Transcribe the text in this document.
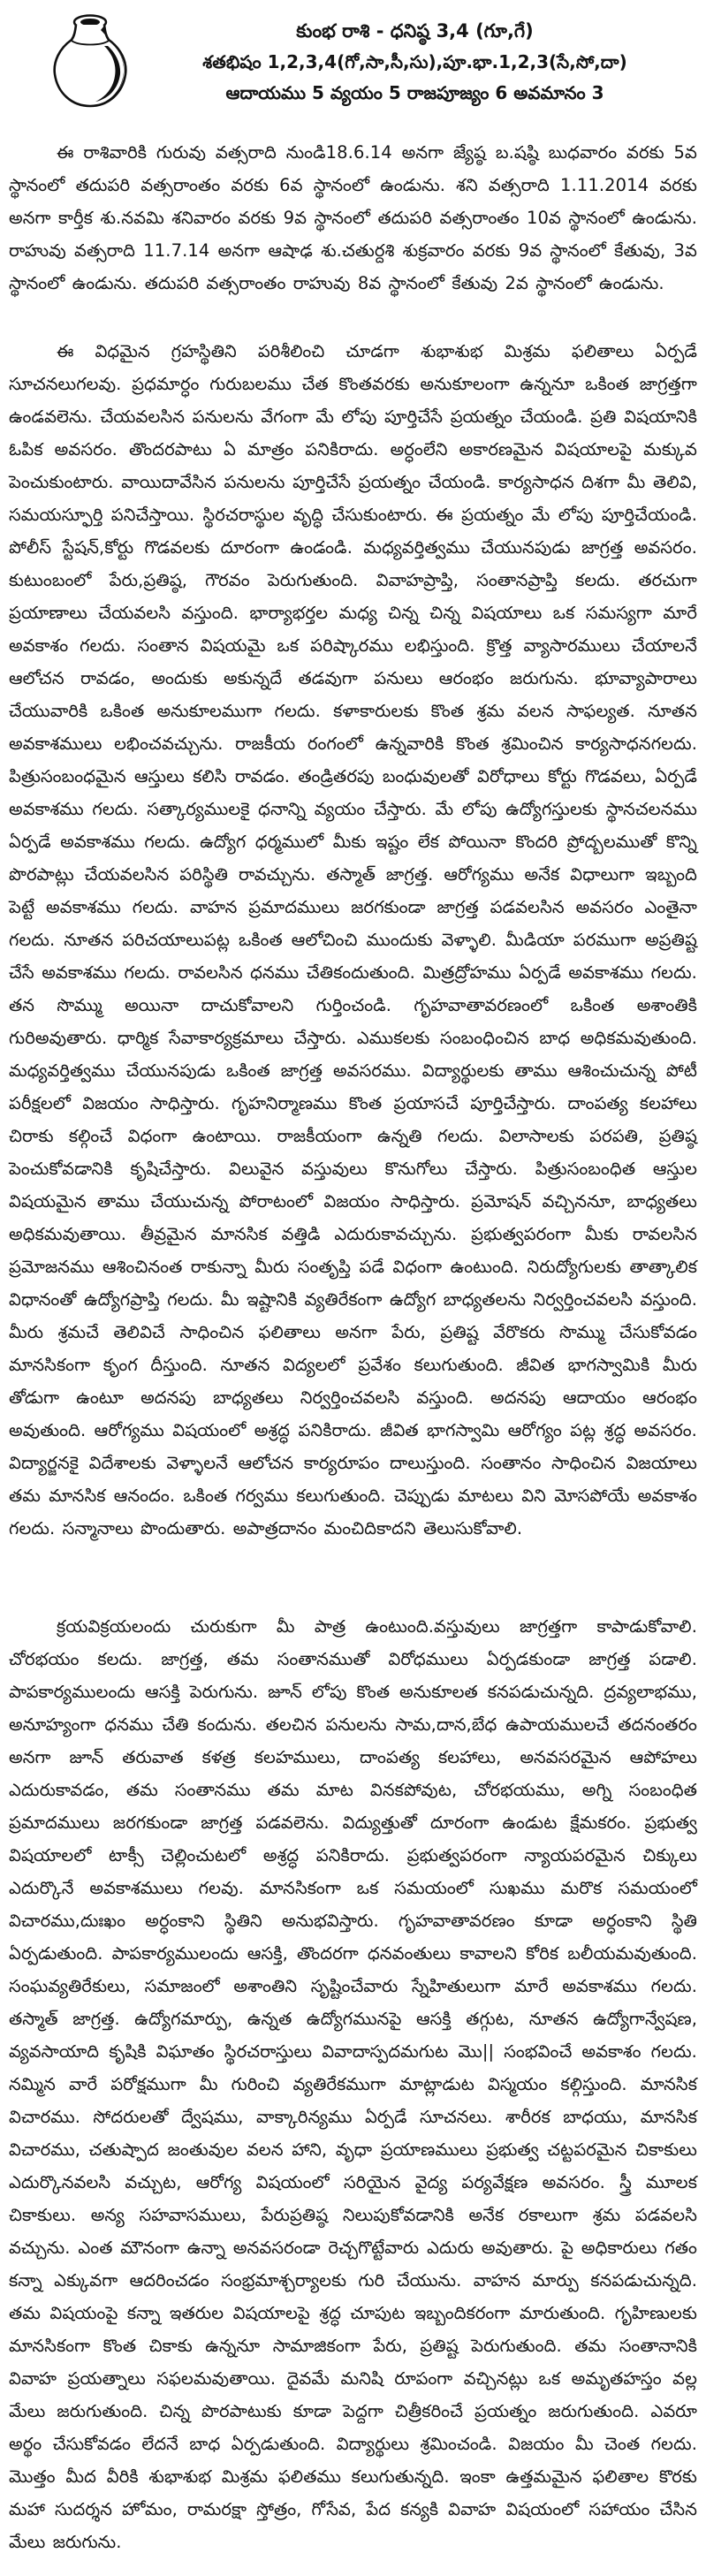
కుంభ రాశి - ధనిష్ఠ 3,4 (గూ,గే)
శతభిషం 1,2,3,4(గో,సా,సీ,సు),పూ.భా.1,2,3(సే,సో,దా)
ఆదాయము 5 వ్యయం 5 రాజపూజ్యం 6 అవమానం 3

ఈ రాశివారికి గురువు వత్సరాది నుండి18.6.14 అనగా జ్యేష్ఠ బ.షష్ఠి బుధవారం వరకు 5వ స్థానంలో తదుపరి వత్సరాంతం వరకు 6వ స్థానంలో ఉండును. శని వత్సరాది 1.11.2014 వరకు అనగా కార్తీక శు.నవమి శనివారం వరకు 9వ స్థానంలో తదుపరి వత్సరాంతం 10వ స్థానంలో ఉండును. రాహువు వత్సరాది 11.7.14 అనగా ఆషాఢ శు.చతుర్దశి శుక్రవారం వరకు 9వ స్థానంలో కేతువు, 3వ స్థానంలో ఉండును. తదుపరి వత్సరాంతం రాహువు 8వ స్థానంలో కేతువు 2వ స్థానంలో ఉండును.

ఈ విధమైన గ్రహస్థితిని పరిశీలించి చూడగా శుభాశుభ మిశ్రమ ఫలితాలు ఏర్పడే సూచనలుగలవు. ప్రధమార్ధం గురుబలము చేత కొంతవరకు అనుకూలంగా ఉన్ననూ ఒకింత జాగ్రత్తగా ఉండవలెను. చేయవలసిన పనులను వేగంగా మే లోపు పూర్తిచేసే ప్రయత్నం చేయండి. ప్రతి విషయానికి ఓపిక అవసరం. తొందరపాటు ఏ మాత్రం పనికిరాదు. అర్ధంలేని అకారణమైన విషయాలపై మక్కువ పెంచుకుంటారు. వాయిదావేసిన పనులను పూర్తిచేసే ప్రయత్నం చేయండి. కార్యసాధన దిశగా మీ తెలివి, సమయస్ఫూర్తి పనిచేస్తాయి. స్థిరచరాస్థుల వృద్ధి చేసుకుంటారు. ఈ ప్రయత్నం మే లోపు పూర్తిచేయండి. పోలీస్ స్టేషన్,కోర్టు గొడవలకు దూరంగా ఉండండి. మధ్యవర్తిత్వము చేయునపుడు జాగ్రత్త అవసరం. కుటుంబంలో పేరు,ప్రతిష్ఠ, గౌరవం పెరుగుతుంది. వివాహప్రాప్తి, సంతానప్రాప్తి కలదు. తరచుగా ప్రయాణాలు చేయవలసి వస్తుంది. భార్యాభర్తల మధ్య చిన్న చిన్న విషయాలు ఒక సమస్యగా మారే అవకాశం గలదు. సంతాన విషయమై ఒక పరిష్కారము లభిస్తుంది. క్రొత్త వ్యాసారములు చేయాలనే ఆలోచన రావడం, అందుకు అకున్నదే తడవుగా పనులు ఆరంభం జరుగును. భూవ్యాపారాలు చేయువారికి ఒకింత అనుకూలముగా గలదు. కళాకారులకు కొంత శ్రమ వలన సాఫల్యత. నూతన అవకాశములు లభించవచ్చును. రాజకీయ రంగంలో ఉన్నవారికి కొంత శ్రమించిన కార్యసాధనగలదు. పిత్రుసంబంధమైన ఆస్తులు కలిసి రావడం. తండ్రితరపు బంధువులతో విరోధాలు కోర్టు గొడవలు, ఏర్పడే అవకాశము గలదు. సత్కార్యములకై ధనాన్ని వ్యయం చేస్తారు. మే లోపు ఉద్యోగస్తులకు స్థానచలనము ఏర్పడే అవకాశము గలదు. ఉద్యోగ ధర్మములో మీకు ఇష్టం లేక పోయినా కొందరి ప్రోద్బలముతో కొన్ని పొరపాట్లు చేయవలసిన పరిస్థితి రావచ్చును. తస్మాత్ జాగ్రత్త. ఆరోగ్యము అనేక విధాలుగా ఇబ్బంది పెట్టే అవకాశము గలదు. వాహన ప్రమాదములు జరగకుండా జాగ్రత్త పడవలసిన అవసరం ఎంతైనా గలదు. నూతన పరిచయాలుపట్ల ఒకింత ఆలోచించి ముందుకు వెళ్ళాలి. మీడియా పరముగా అప్రతిష్ట చేసే అవకాశము గలదు. రావలసిన ధనము చేతికందుతుంది. మిత్రద్రోహము ఏర్పడే అవకాశము గలదు. తన సొమ్ము అయినా దాచుకోవాలని గుర్తించండి. గృహవాతావరణంలో ఒకింత అశాంతికి గురిఅవుతారు. ధార్మిక సేవాకార్యక్రమాలు చేస్తారు. ఎముకలకు సంబంధించిన బాధ అధికమవుతుంది. మధ్యవర్తిత్వము చేయునపుడు ఒకింత జాగ్రత్త అవసరము. విద్యార్థులకు తాము ఆశించుచున్న పోటీ పరీక్షలలో విజయం సాధిస్తారు. గృహనిర్మాణము కొంత ప్రయాసచే పూర్తిచేస్తారు. దాంపత్య కలహాలు చిరాకు కల్గించే విధంగా ఉంటాయి. రాజకీయంగా ఉన్నతి గలదు. విలాసాలకు పరపతి, ప్రతిష్ఠ పెంచుకోవడానికి కృషిచేస్తారు. విలువైన వస్తువులు కొనుగోలు చేస్తారు. పిత్రుసంబంధిత ఆస్తుల విషయమైన తాము చేయుచున్న పోరాటంలో విజయం సాధిస్తారు. ప్రమోషన్ వచ్చిననూ, బాధ్యతలు అధికమవుతాయి. తీవ్రమైన మానసిక వత్తిడి ఎదురుకావచ్చును. ప్రభుత్వపరంగా మీకు రావలసిన ప్రమోజనము ఆశించినంత రాకున్నా మీరు సంతృప్తి పడే విధంగా ఉంటుంది. నిరుద్యోగులకు తాత్కాలిక విధానంతో ఉద్యోగప్రాప్తి గలదు. మీ ఇష్టానికి వ్యతిరేకంగా ఉద్యోగ బాధ్యతలను నిర్వర్తించవలసి వస్తుంది. మీరు శ్రమచే తెలివిచే సాధించిన ఫలితాలు అనగా పేరు, ప్రతిష్ట వేరొకరు సొమ్ము చేసుకోవడం మానసికంగా కృంగ దీస్తుంది. నూతన విద్యలలో ప్రవేశం కలుగుతుంది. జీవిత భాగస్వామికి మీరు తోడుగా ఉంటూ అదనపు బాధ్యతలు నిర్వర్తించవలసి వస్తుంది. అదనపు ఆదాయం ఆరంభం అవుతుంది. ఆరోగ్యము విషయంలో అశ్రద్ధ పనికిరాదు. జీవిత భాగస్వామి ఆరోగ్యం పట్ల శ్రద్ధ అవసరం. విద్యార్జనకై విదేశాలకు వెళ్ళాలనే ఆలోచన కార్యరూపం దాలుస్తుంది. సంతానం సాధించిన విజయాలు తమ మానసిక ఆనందం. ఒకింత గర్వము కలుగుతుంది. చెప్పుడు మాటలు విని మోసపోయే అవకాశం గలదు. సన్మానాలు పొందుతారు. అపాత్రదానం మంచిదికాదని తెలుసుకోవాలి.

క్రయవిక్రయలందు చురుకుగా మీ పాత్ర ఉంటుంది.వస్తువులు జాగ్రత్తగా కాపాడుకోవాలి. చోరభయం కలదు. జాగ్రత్త, తమ సంతానముతో విరోధములు ఏర్పడకుండా జాగ్రత్త పడాలి. పాపకార్యములందు ఆసక్తి పెరుగును. జూన్ లోపు కొంత అనుకూలత కనపడుచున్నది. ద్రవ్యలాభము, అనూహ్యంగా ధనము చేతి కందును. తలచిన పనులను సామ,దాన,బేధ ఉపాయములచే తదనంతరం అనగా జూన్ తరువాత కళత్ర కలహములు, దాంపత్య కలహాలు, అనవసరమైన ఆపోహలు ఎదురుకావడం, తమ సంతానము తమ మాట వినకపోవుట, చోరభయము, అగ్ని సంబంధిత ప్రమాదములు జరగకుండా జాగ్రత్త పడవలెను. విద్యుత్తుతో దూరంగా ఉండుట క్షేమకరం. ప్రభుత్వ విషయాలలో టాక్సీ చెల్లించుటలో అశ్రద్ధ పనికిరాదు. ప్రభుత్వపరంగా న్యాయపరమైన చిక్కులు ఎదుర్కొనే అవకాశములు గలవు. మానసికంగా ఒక సమయంలో సుఖము మరొక సమయంలో విచారము,దుఃఖం అర్ధంకాని స్థితిని అనుభవిస్తారు. గృహవాతావరణం కూడా అర్ధంకాని స్థితి ఏర్పడుతుంది. పాపకార్యములందు ఆసక్తి, తొందరగా ధనవంతులు కావాలని కోరిక బలీయమవుతుంది. సంఘవ్యతిరేకులు, సమాజంలో అశాంతిని సృష్టించేవారు స్నేహితులుగా మారే అవకాశము గలదు. తస్మాత్ జాగ్రత్త. ఉద్యోగమార్పు, ఉన్నత ఉద్యోగమునపై ఆసక్తి తగ్గుట, నూతన ఉద్యోగాన్వేషణ, వ్యవసాయాది కృషికి విఘాతం స్థిరచరాస్తులు వివాదాస్పదమగుట మొ|| సంభవించే అవకాశం గలదు. నమ్మిన వారే పరోక్షముగా మీ గురించి వ్యతిరేకముగా మాట్లాడుట విస్మయం కల్గిస్తుంది. మానసిక విచారము. సోదరులతో ద్వేషము, వాక్కారిన్యము ఏర్పడే సూచనలు. శారీరక బాధయు, మానసిక విచారము, చతుష్పాద జంతువుల వలన హాని, వృధా ప్రయాణములు ప్రభుత్వ చట్టపరమైన చికాకులు ఎదుర్కొనవలసి వచ్చుట, ఆరోగ్య విషయంలో సరియైన వైద్య పర్యవేక్షణ అవసరం. స్త్రీ మూలక చికాకులు. అన్య సహవాసములు, పేరుప్రతిష్ఠ నిలుపుకోవడానికి అనేక రకాలుగా శ్రమ పడవలసి వచ్చును. ఎంత మౌనంగా ఉన్నా అనవసరండా రెచ్చగొట్టేవారు ఎదురు అవుతారు. పై అధికారులు గతం కన్నా ఎక్కువగా ఆదరించడం సంభ్రమాశ్చర్యాలకు గురి చేయును. వాహన మార్పు కనపడుచున్నది. తమ విషయంపై కన్నా ఇతరుల విషయాలపై శ్రద్ధ చూపుట ఇబ్బందికరంగా మారుతుంది. గృహిణులకు మానసికంగా కొంత చికాకు ఉన్ననూ సామాజికంగా పేరు, ప్రతిష్ట పెరుగుతుంది. తమ సంతానానికి వివాహ ప్రయత్నాలు సఫలమవుతాయి. దైవమే మనిషి రూపంగా వచ్చినట్లు ఒక అమృతహస్తం వల్ల మేలు జరుగుతుంది. చిన్న పొరపాటుకు కూడా పెద్దగా చిత్రీకరించే ప్రయత్నం జరుగుతుంది. ఎవరూ అర్థం చేసుకోవడం లేదనే బాధ ఏర్పడుతుంది. విద్యార్థులు శ్రమించండి. విజయం మీ చెంత గలదు. మొత్తం మీద వీరికి శుభాశుభ మిశ్రమ ఫలితము కలుగుతున్నది. ఇంకా ఉత్తమమైన ఫలితాల కొరకు మహా సుదర్శన హోమం, రామరక్షా స్తోత్రం, గోసేవ, పేద కన్యకి వివాహ విషయంలో సహాయం చేసిన మేలు జరుగును.
